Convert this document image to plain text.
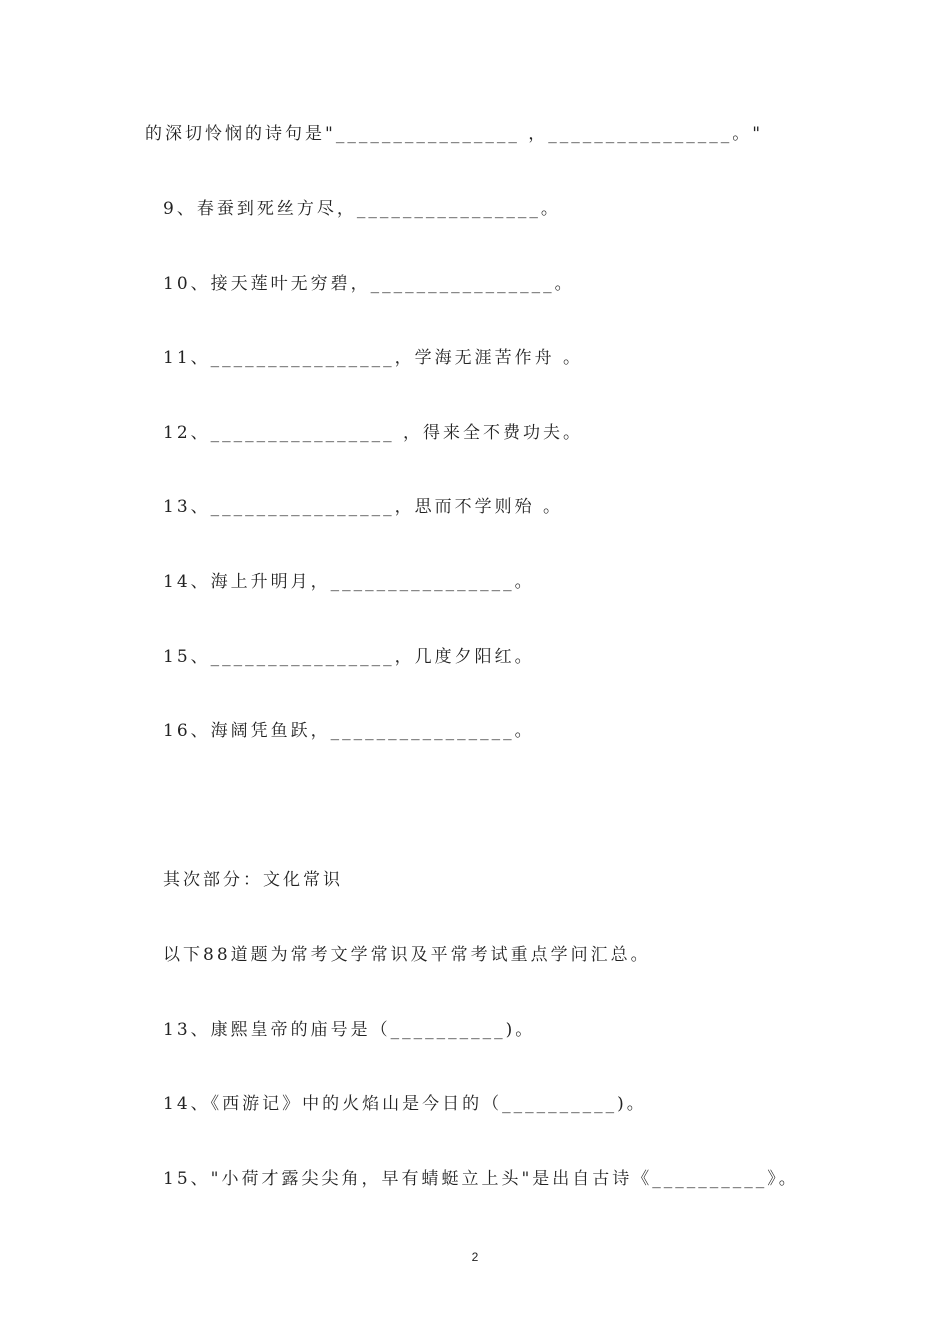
的深切怜悯的诗句是"________________ ，________________。"
9、春蚕到死丝方尽，________________。
10、接天莲叶无穷碧，________________。
11、________________，学海无涯苦作舟 。
12、________________ ，得来全不费功夫。
13、________________，思而不学则殆 。
14、海上升明月，________________。
15、________________，几度夕阳红。
16、海阔凭鱼跃，________________。
其次部分：文化常识
以下88道题为常考文学常识及平常考试重点学问汇总。
13、康熙皇帝的庙号是（__________)。
14、《西游记》中的火焰山是今日的（__________)。
15、"小荷才露尖尖角，早有蜻蜓立上头"是出自古诗《__________》。
2
